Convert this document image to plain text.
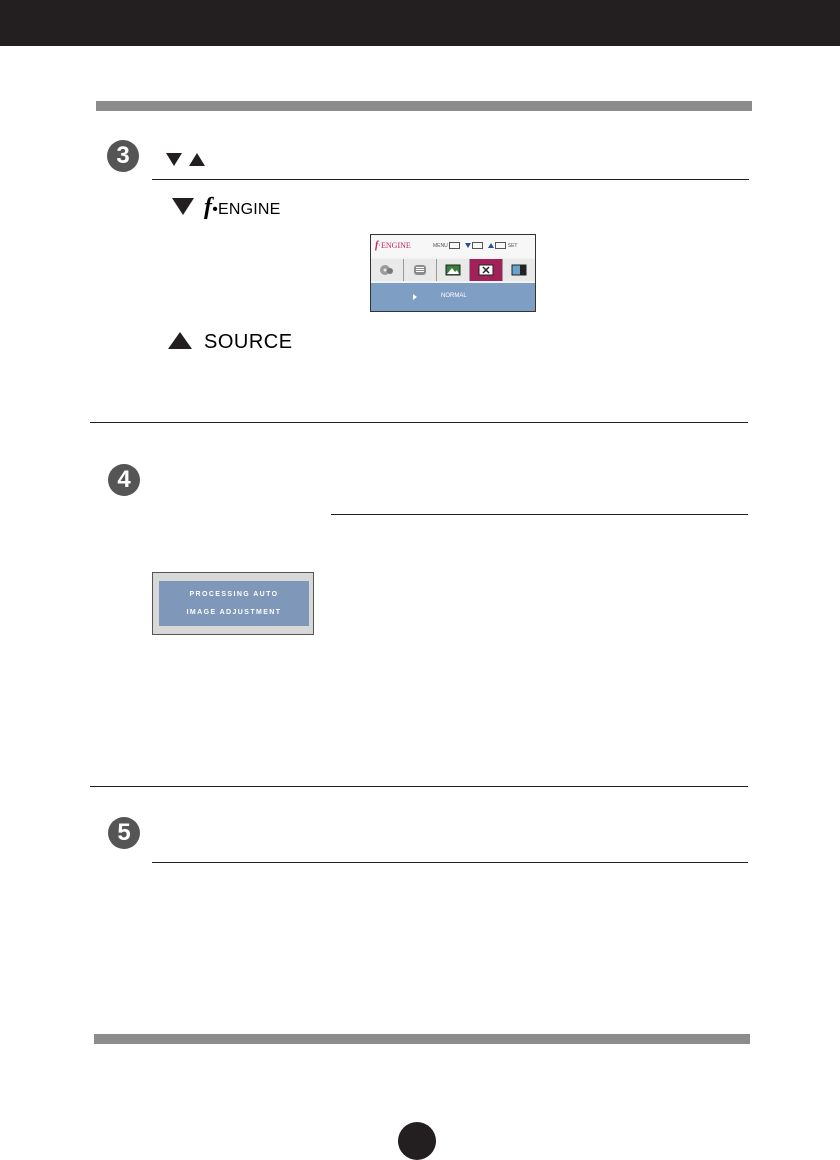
3
f•ENGINE
f·ENGINE	MENU	SET
NORMAL
SOURCE
4
PROCESSING AUTO
IMAGE ADJUSTMENT
5
